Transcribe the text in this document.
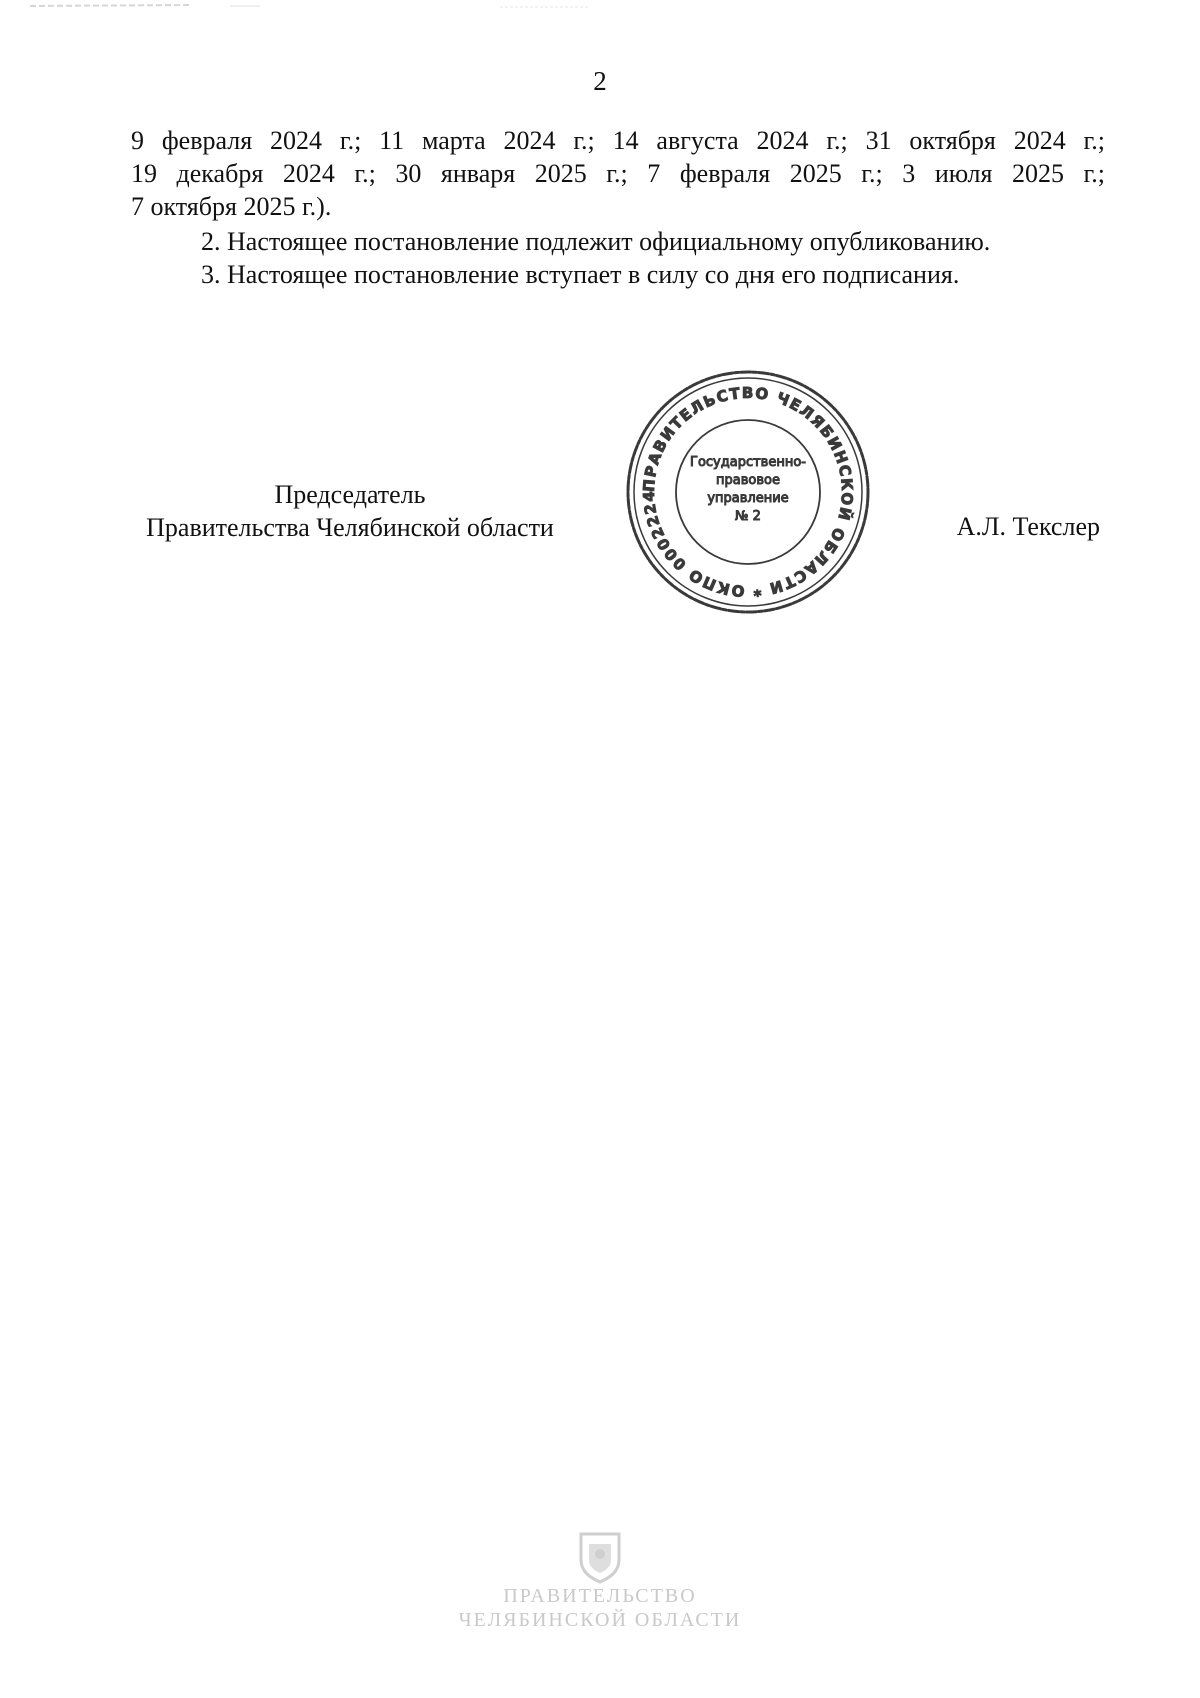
2
9 февраля 2024 г.; 11 марта 2024 г.; 14 августа 2024 г.; 31 октября 2024 г.;
19 декабря 2024 г.; 30 января 2025 г.; 7 февраля 2025 г.; 3 июля 2025 г.;
7 октября 2025 г.).
2. Настоящее постановление подлежит официальному опубликованию.
3. Настоящее постановление вступает в силу со дня его подписания.
Председатель
Правительства Челябинской области
ПРАВИТЕЛЬСТВО ЧЕЛЯБИНСКОЙ ОБЛАСТИ * ОКПО 0002224
Государственно-
правовое
управление
№ 2	А.Л. Текслер
ПРАВИТЕЛЬСТВО
ЧЕЛЯБИНСКОЙ ОБЛАСТИ
